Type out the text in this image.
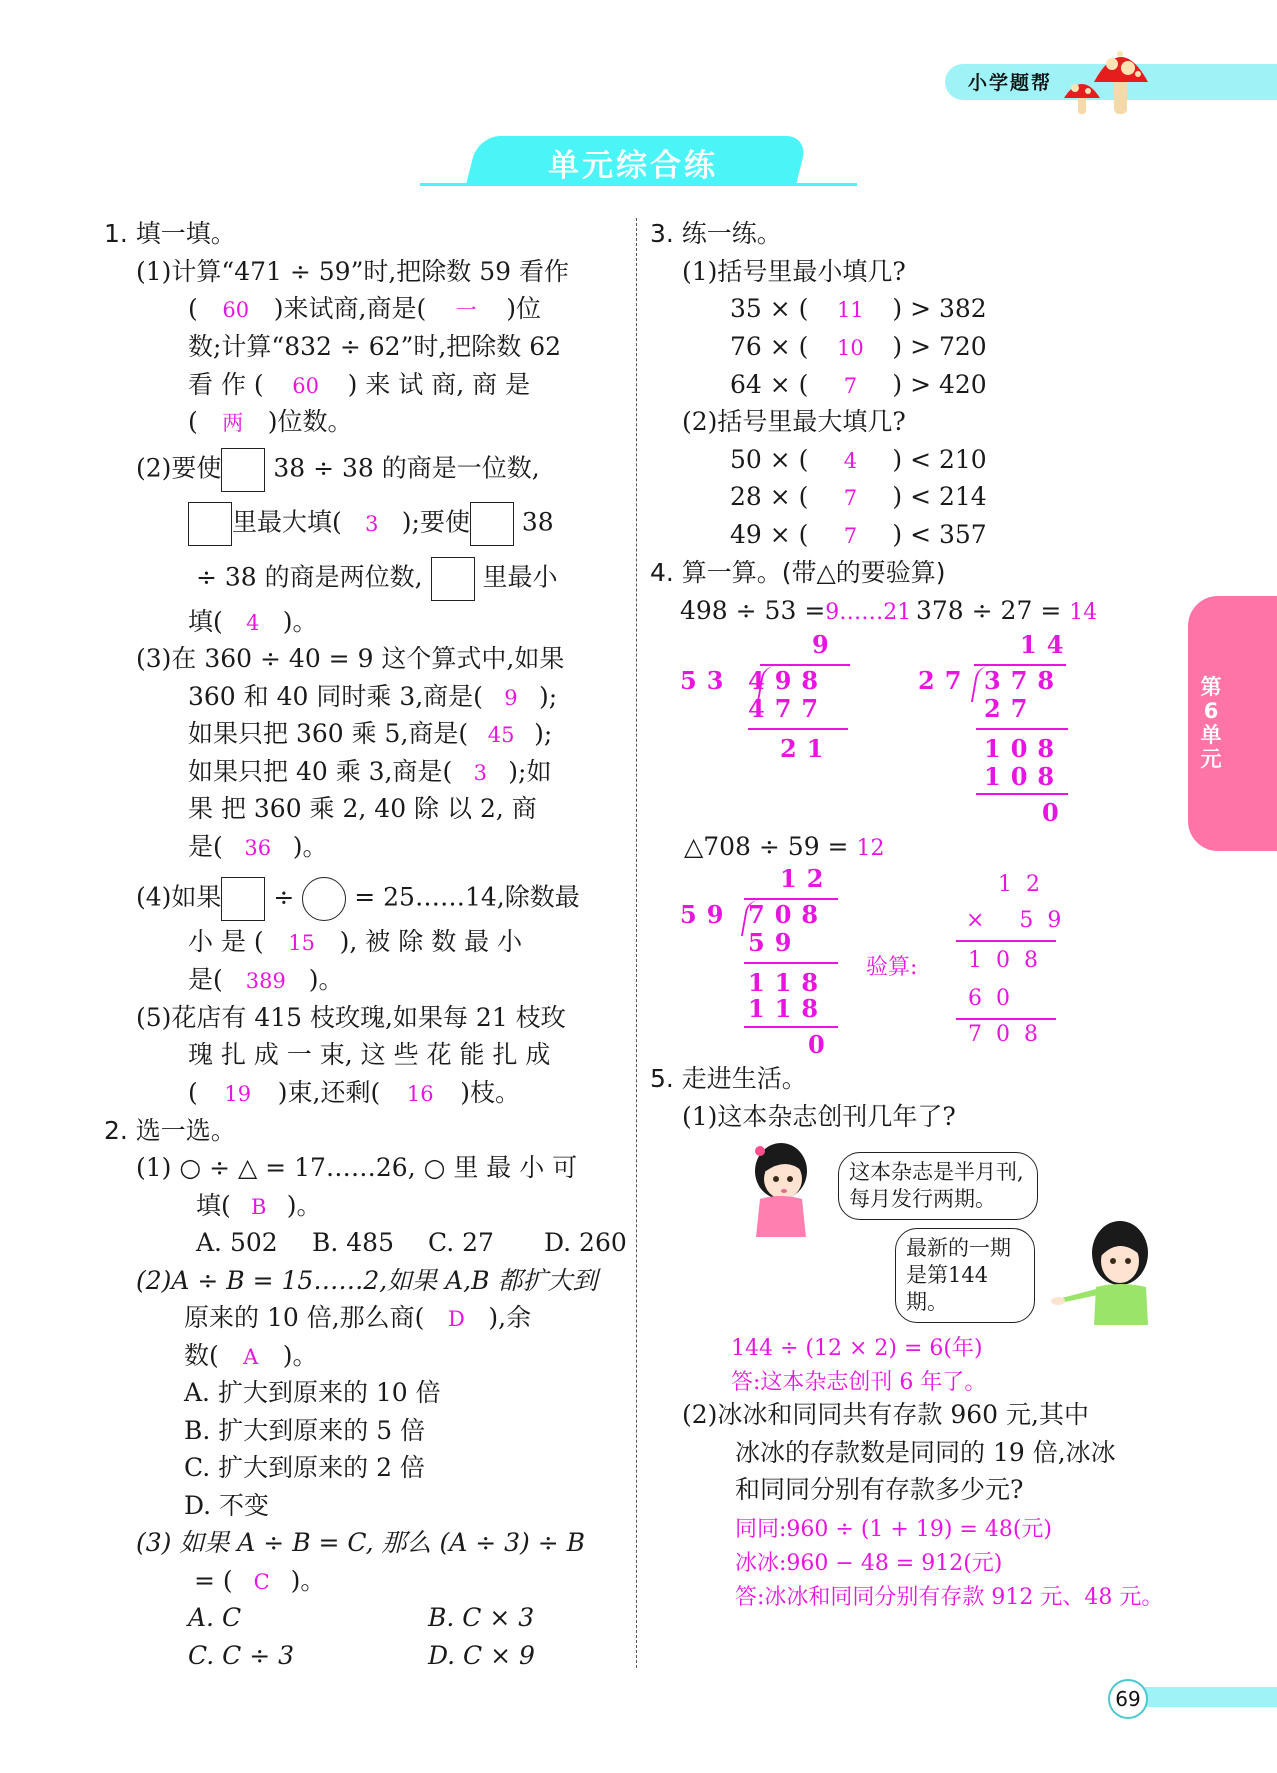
小学题帮
单元综合练
第
6
单
元
1. 填一填。
(1)计算“471 ÷ 59”时,把除数 59 看作
( 60 )来试商,商是( 一 )位
数;计算“832 ÷ 62”时,把除数 62
看 作 ( 60 ) 来 试 商, 商 是
( 两 )位数。
(2)要使 38 ÷ 38 的商是一位数,
里最大填( 3 );要使 38
÷ 38 的商是两位数, 里最小
填( 4 )。
(3)在 360 ÷ 40 = 9 这个算式中,如果
360 和 40 同时乘 3,商是( 9 );
如果只把 360 乘 5,商是( 45 );
如果只把 40 乘 3,商是( 3 );如
果 把 360 乘 2, 40 除 以 2, 商
是( 36 )。
(4)如果 ÷ = 25……14,除数最
小 是 ( 15 ), 被 除 数 最 小
是( 389 )。
(5)花店有 415 枝玫瑰,如果每 21 枝玫
瑰 扎 成 一 束, 这 些 花 能 扎 成
( 19 )束,还剩( 16 )枝。
2. 选一选。
(1) ○ ÷ △ = 17……26, ○ 里 最 小 可
填( B )。
A. 502 B. 485 C. 27 D. 260
(2)A ÷ B = 15……2,如果 A,B 都扩大到
原来的 10 倍,那么商( D ),余
数( A )。
A. 扩大到原来的 10 倍
B. 扩大到原来的 5 倍
C. 扩大到原来的 2 倍
D. 不变
(3) 如果 A ÷ B = C, 那么 (A ÷ 3) ÷ B
= ( C )。
A. C	B. C × 3
C. C ÷ 3	D. C × 9
3. 练一练。
(1)括号里最小填几?
35 × ( 11 ) > 382
76 × ( 10 ) > 720
64 × ( 7 ) > 420
(2)括号里最大填几?
50 × ( 4 ) < 210
28 × ( 7 ) < 214
49 × ( 7 ) < 357
4. 算一算。(带△的要验算)
498 ÷ 53 =9……21 378 ÷ 27 = 14
9
53 498
477
21
14
27 378
27
108
108
0
△708 ÷ 59 = 12
12
59 708
59
118
118
0
验算:
12
× 59
108
60
708
5. 走进生活。
(1)这本杂志创刊几年了?
这本杂志是半月刊,
每月发行两期。
最新的一期
是第144期。
144 ÷ (12 × 2) = 6(年)
答:这本杂志创刊 6 年了。
(2)冰冰和同同共有存款 960 元,其中
冰冰的存款数是同同的 19 倍,冰冰
和同同分别有存款多少元?
同同:960 ÷ (1 + 19) = 48(元)
冰冰:960 − 48 = 912(元)
答:冰冰和同同分别有存款 912 元、48 元。
69
